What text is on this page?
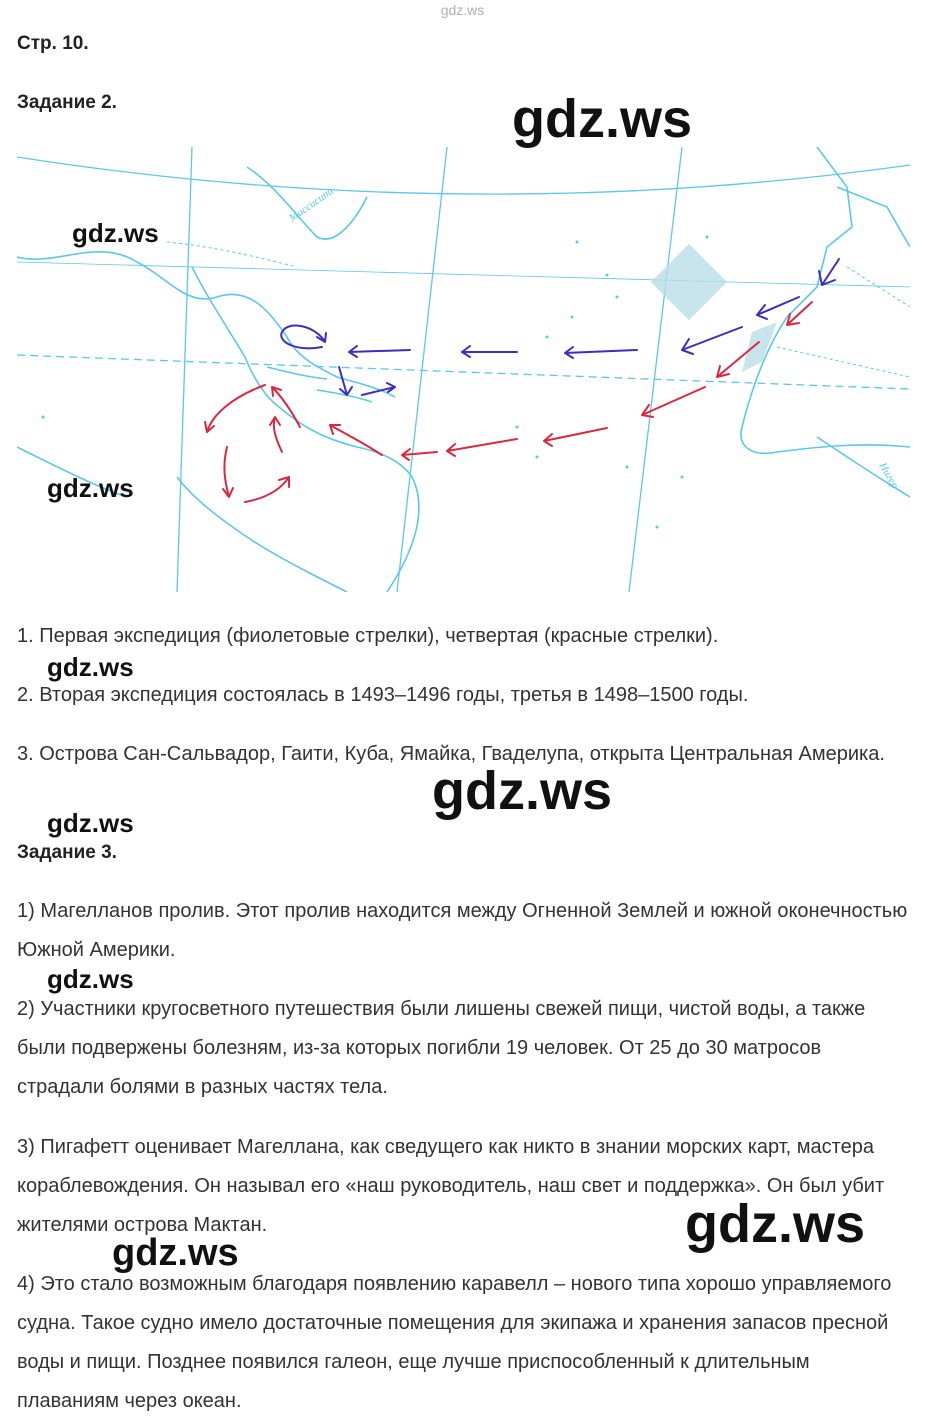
gdz.ws
Стр. 10.
Задание 2.
Миссисипи
Нигер
1. Первая экспедиция (фиолетовые стрелки), четвертая (красные стрелки).
2. Вторая экспедиция состоялась в 1493–1496 годы, третья в 1498–1500 годы.
3. Острова Сан-Сальвадор, Гаити, Куба, Ямайка, Гваделупа, открыта Центральная Америка.
Задание 3.
1) Магелланов пролив. Этот пролив находится между Огненной Землей и южной оконечностью Южной Америки.
2) Участники кругосветного путешествия были лишены свежей пищи, чистой воды, а также были подвержены болезням, из-за которых погибли 19 человек. От 25 до 30 матросов страдали болями в разных частях тела.
3) Пигафетт оценивает Магеллана, как сведущего как никто в знании морских карт, мастера кораблевождения. Он называл его «наш руководитель, наш свет и поддержка». Он был убит жителями острова Мактан.
4) Это стало возможным благодаря появлению каравелл – нового типа хорошо управляемого судна. Такое судно имело достаточные помещения для экипажа и хранения запасов пресной воды и пищи. Позднее появился галеон, еще лучше приспособленный к длительным плаваниям через океан.
gdz.ws
gdz.ws
gdz.ws
gdz.ws
gdz.ws
gdz.ws
gdz.ws
gdz.ws
gdz.ws
